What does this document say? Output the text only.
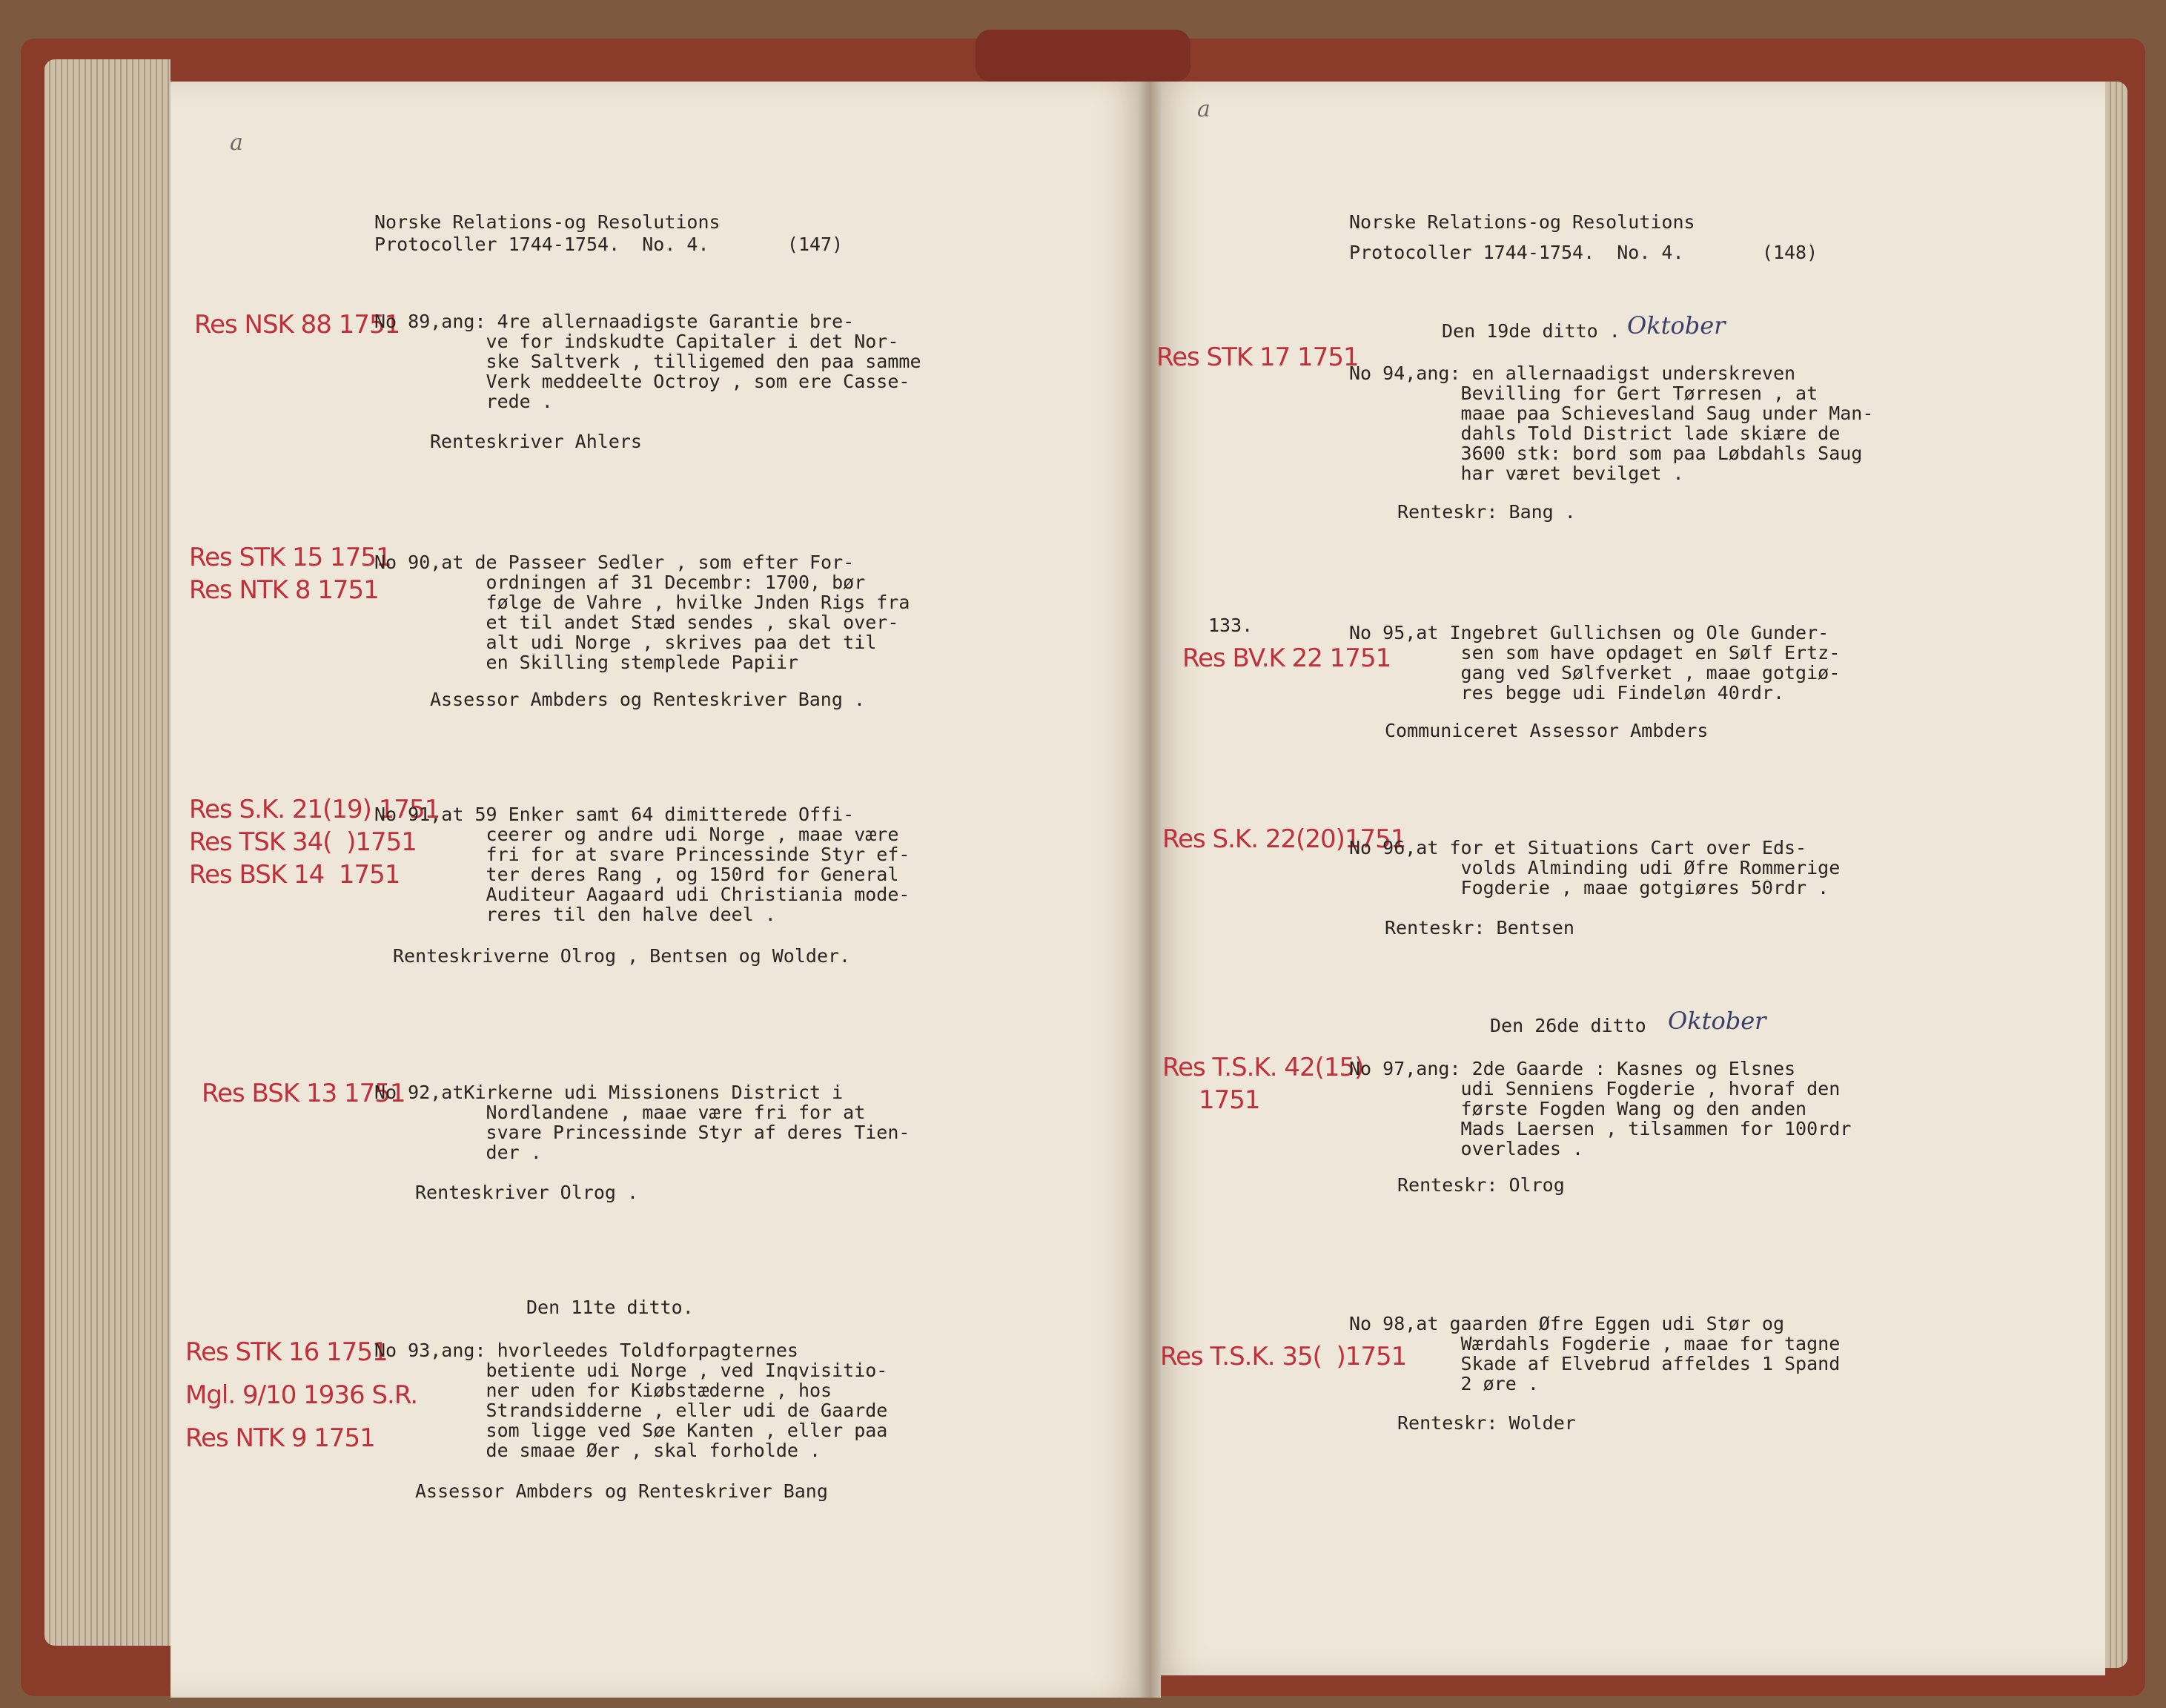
a
Norske Relations-og Resolutions
Protocoller 1744-1754.  No. 4.       (147)
Res NSK 88 1751
No 89,ang: 4re allernaadigste Garantie bre-
ve for indskudte Capitaler i det Nor-
ske Saltverk , tilligemed den paa samme
Verk meddeelte Octroy , som ere Casse-
rede .
Renteskriver Ahlers
Res STK 15 1751
Res NTK 8 1751
No 90,at de Passeer Sedler , som efter For-
ordningen af 31 Decembr: 1700, bør
følge de Vahre , hvilke Jnden Rigs fra
et til andet Stæd sendes , skal over-
alt udi Norge , skrives paa det til
en Skilling stemplede Papiir
Assessor Ambders og Renteskriver Bang .
Res S.K. 21(19) 1751
Res TSK 34(  )1751
Res BSK 14  1751
No 91,at 59 Enker samt 64 dimitterede Offi-
ceerer og andre udi Norge , maae være
fri for at svare Princessinde Styr ef-
ter deres Rang , og 150rd for General
Auditeur Aagaard udi Christiania mode-
reres til den halve deel .
Renteskriverne Olrog , Bentsen og Wolder.
Res BSK 13 1751
No 92,atKirkerne udi Missionens District i
Nordlandene , maae være fri for at
svare Princessinde Styr af deres Tien-
der .
Renteskriver Olrog .
Den 11te ditto.
Res STK 16 1751
Mgl. 9/10 1936 S.R.
Res NTK 9 1751
No 93,ang: hvorleedes Toldforpagternes
betiente udi Norge , ved Inqvisitio-
ner uden for Kiøbstæderne , hos
Strandsidderne , eller udi de Gaarde
som ligge ved Søe Kanten , eller paa
de smaae Øer , skal forholde .
Assessor Ambders og Renteskriver Bang
a
Norske Relations-og Resolutions
Protocoller 1744-1754.  No. 4.       (148)
Den 19de ditto . Oktober
Res STK 17 1751
No 94,ang: en allernaadigst underskreven
Bevilling for Gert Tørresen , at
maae paa Schievesland Saug under Man-
dahls Told District lade skiære de
3600 stk: bord som paa Løbdahls Saug
har været bevilget .
Renteskr: Bang .
133.
Res BV.K 22 1751
No 95,at Ingebret Gullichsen og Ole Gunder-
sen som have opdaget en Sølf Ertz-
gang ved Sølfverket , maae gotgiø-
res begge udi Findeløn 40rdr.
Communiceret Assessor Ambders
Res S.K. 22(20)1751
No 96,at for et Situations Cart over Eds-
volds Alminding udi Øfre Rommerige
Fogderie , maae gotgiøres 50rdr .
Renteskr: Bentsen
Den 26de ditto Oktober
Res T.S.K. 42(15)
1751
No 97,ang: 2de Gaarde : Kasnes og Elsnes
udi Senniens Fogderie , hvoraf den
første Fogden Wang og den anden
Mads Laersen , tilsammen for 100rdr
overlades .
Renteskr: Olrog
Res T.S.K. 35(  )1751
No 98,at gaarden Øfre Eggen udi Stør og
Wærdahls Fogderie , maae for tagne
Skade af Elvebrud affeldes 1 Spand
2 øre .
Renteskr: Wolder
